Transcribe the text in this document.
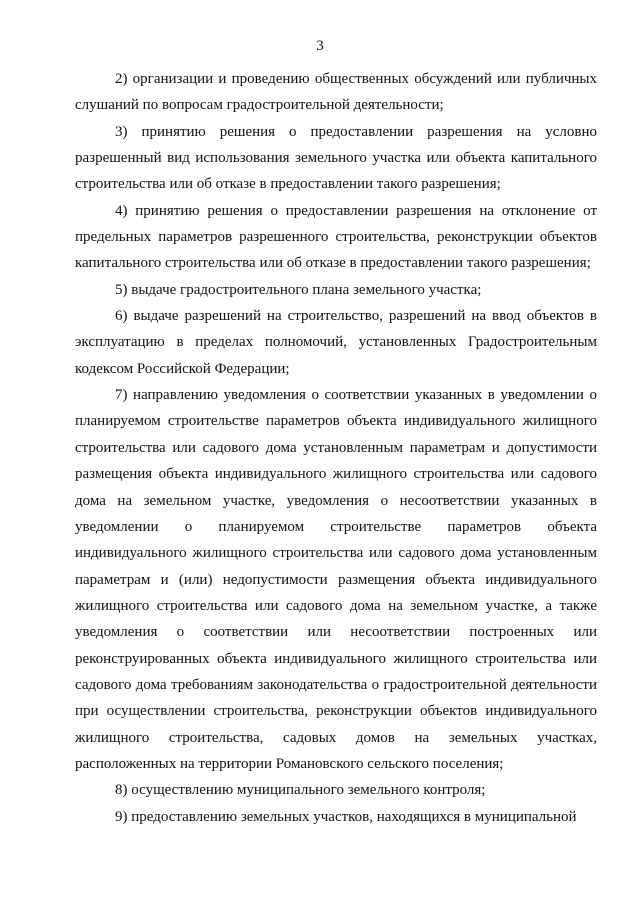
3

2) организации и проведению общественных обсуждений или публичных слушаний по вопросам градостроительной деятельности;

3) принятию решения о предоставлении разрешения на условно разрешенный вид использования земельного участка или объекта капитального строительства или об отказе в предоставлении такого разрешения;

4) принятию решения о предоставлении разрешения на отклонение от предельных параметров разрешенного строительства, реконструкции объектов капитального строительства или об отказе в предоставлении такого разрешения;

5) выдаче градостроительного плана земельного участка;

6) выдаче разрешений на строительство, разрешений на ввод объектов в эксплуатацию в пределах полномочий, установленных Градостроительным кодексом Российской Федерации;

7) направлению уведомления о соответствии указанных в уведомлении о планируемом строительстве параметров объекта индивидуального жилищного строительства или садового дома установленным параметрам и допустимости размещения объекта индивидуального жилищного строительства или садового дома на земельном участке, уведомления о несоответствии указанных в уведомлении о планируемом строительстве параметров объекта индивидуального жилищного строительства или садового дома установленным параметрам и (или) недопустимости размещения объекта индивидуального жилищного строительства или садового дома на земельном участке, а также уведомления о соответствии или несоответствии построенных или реконструированных объекта индивидуального жилищного строительства или садового дома требованиям законодательства о градостроительной деятельности при осуществлении строительства, реконструкции объектов индивидуального жилищного строительства, садовых домов на земельных участках, расположенных на территории Романовского сельского поселения;

8) осуществлению муниципального земельного контроля;

9) предоставлению земельных участков, находящихся в муниципальной
